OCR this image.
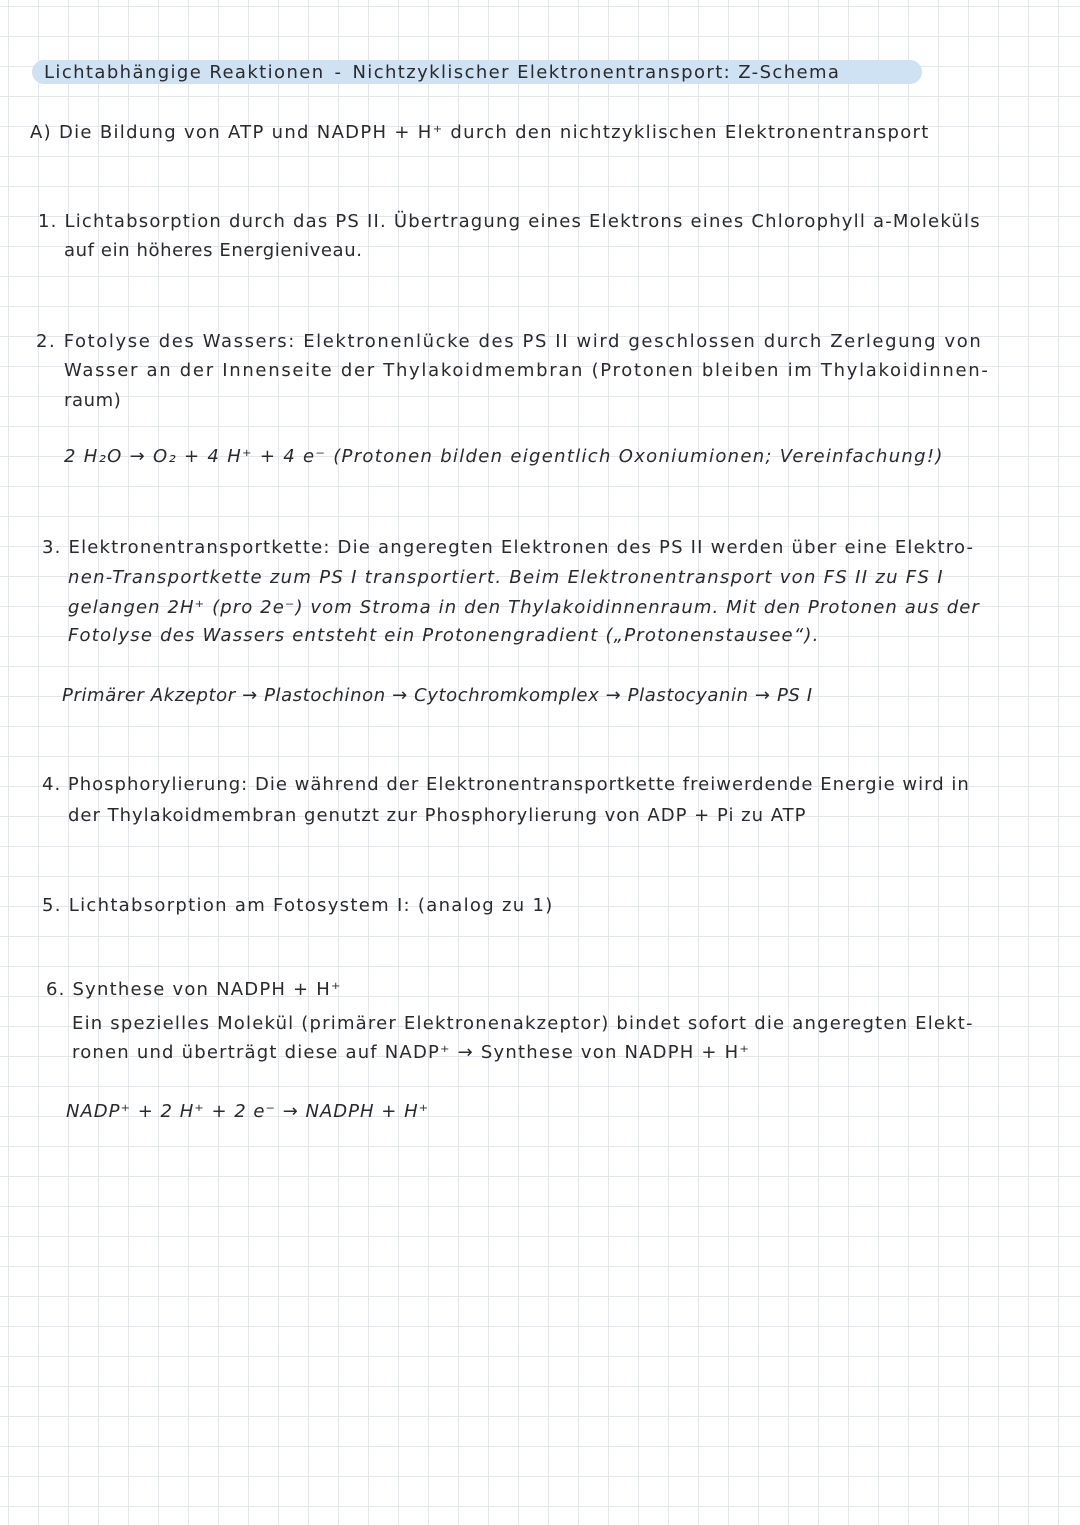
Lichtabhängige Reaktionen - Nichtzyklischer Elektronentransport: Z-Schema
A) Die Bildung von ATP und NADPH + H⁺ durch den nichtzyklischen Elektronentransport
1. Lichtabsorption durch das PS II. Übertragung eines Elektrons eines Chlorophyll a-Moleküls
auf ein höheres Energieniveau.
2. Fotolyse des Wassers: Elektronenlücke des PS II wird geschlossen durch Zerlegung von
Wasser an der Innenseite der Thylakoidmembran (Protonen bleiben im Thylakoidinnen-
raum)
2 H₂O → O₂ + 4 H⁺ + 4 e⁻ (Protonen bilden eigentlich Oxoniumionen; Vereinfachung!)
3. Elektronentransportkette: Die angeregten Elektronen des PS II werden über eine Elektro-
nen-Transportkette zum PS I transportiert. Beim Elektronentransport von FS II zu FS I
gelangen 2H⁺ (pro 2e⁻) vom Stroma in den Thylakoidinnenraum. Mit den Protonen aus der
Fotolyse des Wassers entsteht ein Protonengradient („Protonenstausee“).
Primärer Akzeptor → Plastochinon → Cytochromkomplex → Plastocyanin → PS I
4. Phosphorylierung: Die während der Elektronentransportkette freiwerdende Energie wird in
der Thylakoidmembran genutzt zur Phosphorylierung von ADP + Pi zu ATP
5. Lichtabsorption am Fotosystem I: (analog zu 1)
6. Synthese von NADPH + H⁺
Ein spezielles Molekül (primärer Elektronenakzeptor) bindet sofort die angeregten Elekt-
ronen und überträgt diese auf NADP⁺ → Synthese von NADPH + H⁺
NADP⁺ + 2 H⁺ + 2 e⁻ → NADPH + H⁺
